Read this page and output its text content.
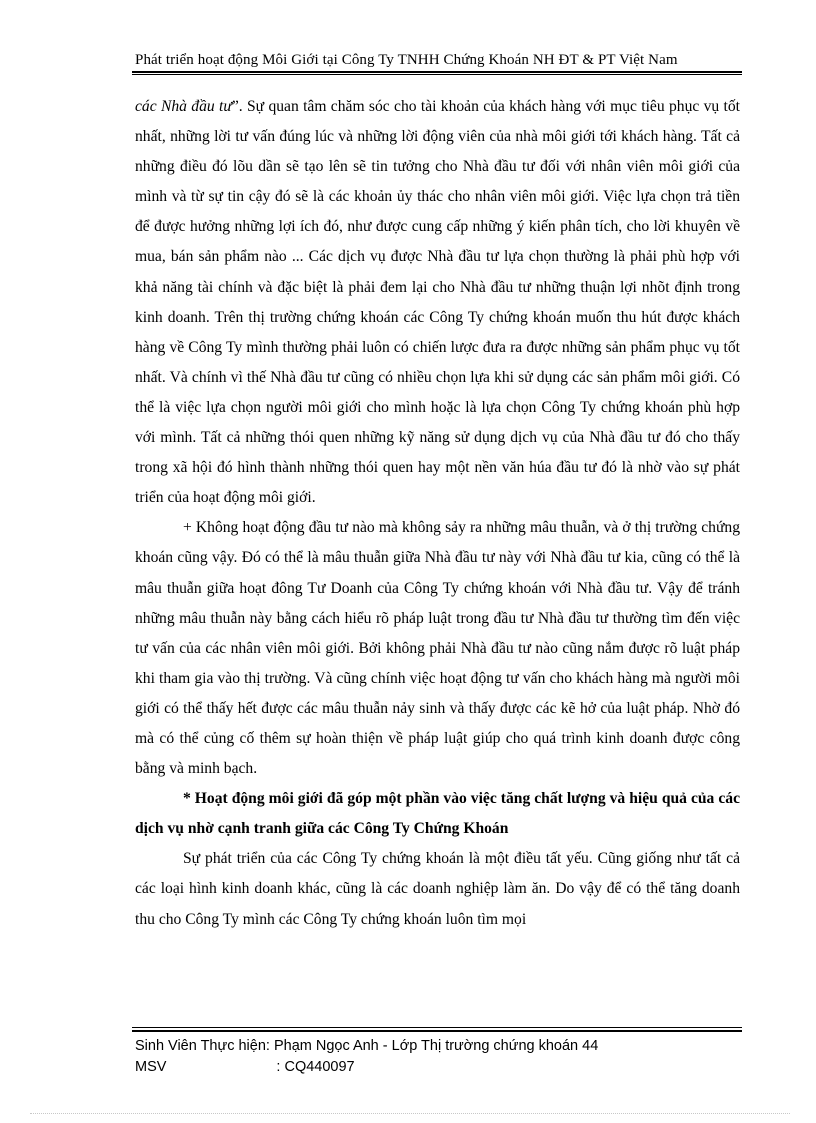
Phát triển hoạt động Môi Giới tại Công Ty TNHH Chứng Khoán NH ĐT & PT Việt Nam

các Nhà đầu tư”. Sự quan tâm chăm sóc cho tài khoản của khách hàng với mục tiêu phục vụ tốt nhất, những lời tư vấn đúng lúc và những lời động viên của nhà môi giới tới khách hàng. Tất cả những điều đó lõu dần sẽ tạo lên sẽ tin tưởng cho Nhà đầu tư đối với nhân viên môi giới của mình và từ sự tin cậy đó sẽ là các khoản ủy thác cho nhân viên môi giới. Việc lựa chọn trả tiền để được hưởng những lợi ích đó, như được cung cấp những ý kiến phân tích, cho lời khuyên về mua, bán sản phẩm nào ... Các dịch vụ được Nhà đầu tư lựa chọn thường là phải phù hợp với khả năng tài chính và đặc biệt là phải đem lại cho Nhà đầu tư những thuận lợi nhõt định trong kinh doanh. Trên thị trường chứng khoán các Công Ty chứng khoán muốn thu hút được khách hàng về Công Ty mình thường phải luôn có chiến lược đưa ra được những sản phẩm phục vụ tốt nhất. Và chính vì thế Nhà đầu tư cũng có nhiều chọn lựa khi sử dụng các sản phẩm môi giới. Có thể là việc lựa chọn người môi giới cho mình hoặc là lựa chọn Công Ty chứng khoán phù hợp với mình. Tất cả những thói quen những kỹ năng sử dụng dịch vụ của Nhà đầu tư đó cho thấy trong xã hội đó hình thành những thói quen hay một nền văn húa đầu tư đó là nhờ vào sự phát triển của hoạt động môi giới.

+ Không hoạt động đầu tư nào mà không sảy ra những mâu thuẫn, và ở thị trường chứng khoán cũng vậy. Đó có thể là mâu thuẫn giữa Nhà đầu tư này với Nhà đầu tư kia, cũng có thể là mâu thuẫn giữa hoạt đông Tư Doanh của Công Ty chứng khoán với Nhà đầu tư. Vậy để tránh những mâu thuẫn này bằng cách hiểu rõ pháp luật trong đầu tư Nhà đầu tư thường tìm đến việc tư vấn của các nhân viên môi giới. Bởi không phải Nhà đầu tư nào cũng nắm được rõ luật pháp khi tham gia vào thị trường. Và cũng chính việc hoạt động tư vấn cho khách hàng mà người môi giới có thể thấy hết được các mâu thuẫn nảy sinh và thấy được các kẽ hở của luật pháp. Nhờ đó mà có thể củng cố thêm sự hoàn thiện về pháp luật giúp cho quá trình kinh doanh được công bằng và minh bạch.

* Hoạt động môi giới đã góp một phần vào việc tăng chất lượng và hiệu quả của các dịch vụ nhờ cạnh tranh giữa các Công Ty Chứng Khoán

Sự phát triển của các Công Ty chứng khoán là một điều tất yếu. Cũng giống như tất cả các loại hình kinh doanh khác, cũng là các doanh nghiệp làm ăn. Do vậy để có thể tăng doanh thu cho Công Ty mình các Công Ty chứng khoán luôn tìm mọi

Sinh Viên Thực hiện: Phạm Ngọc Anh - Lớp Thị trường chứng khoán 44
MSV	: CQ440097
